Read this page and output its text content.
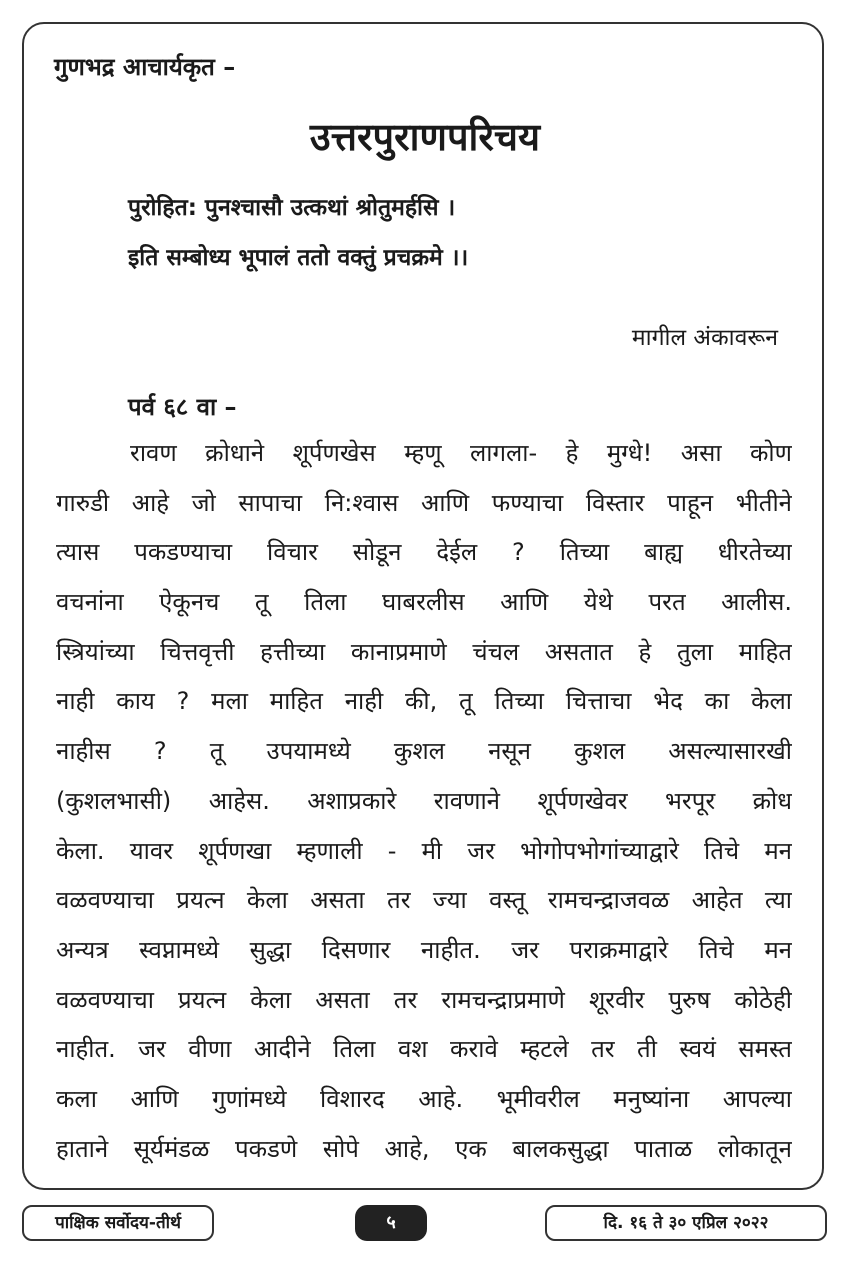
गुणभद्र आचार्यकृत –

उत्तरपुराणपरिचय

पुरोहित: पुनश्चासौ उत्कथां श्रोतुमर्हसि ।

इति सम्बोध्य भूपालं ततो वक्तुं प्रचक्रमे ।।

मागील अंकावरून

पर्व ६८ वा –

रावण क्रोधाने शूर्पणखेस म्हणू लागला- हे मुग्धे! असा कोण
गारुडी आहे जो सापाचा नि:श्वास आणि फण्याचा विस्तार पाहून भीतीने
त्यास पकडण्याचा विचार सोडून देईल ? तिच्या बाह्य धीरतेच्या
वचनांना ऐकूनच तू तिला घाबरलीस आणि येथे परत आलीस.
स्त्रियांच्या चित्तवृत्ती हत्तीच्या कानाप्रमाणे चंचल असतात हे तुला माहित
नाही काय ? मला माहित नाही की, तू तिच्या चित्ताचा भेद का केला
नाहीस ? तू उपयामध्ये कुशल नसून कुशल असल्यासारखी
(कुशलभासी) आहेस. अशाप्रकारे रावणाने शूर्पणखेवर भरपूर क्रोध
केला. यावर शूर्पणखा म्हणाली - मी जर भोगोपभोगांच्याद्वारे तिचे मन
वळवण्याचा प्रयत्न केला असता तर ज्या वस्तू रामचन्द्राजवळ आहेत त्या
अन्यत्र स्वप्नामध्ये सुद्धा दिसणार नाहीत. जर पराक्रमाद्वारे तिचे मन
वळवण्याचा प्रयत्न केला असता तर रामचन्द्राप्रमाणे शूरवीर पुरुष कोठेही
नाहीत. जर वीणा आदीने तिला वश करावे म्हटले तर ती स्वयं समस्त
कला आणि गुणांमध्ये विशारद आहे. भूमीवरील मनुष्यांना आपल्या
हाताने सूर्यमंडळ पकडणे सोपे आहे, एक बालकसुद्धा पाताळ लोकातून
पाक्षिक सर्वोदय-तीर्थ	५	दि. १६ ते ३० एप्रिल २०२२
